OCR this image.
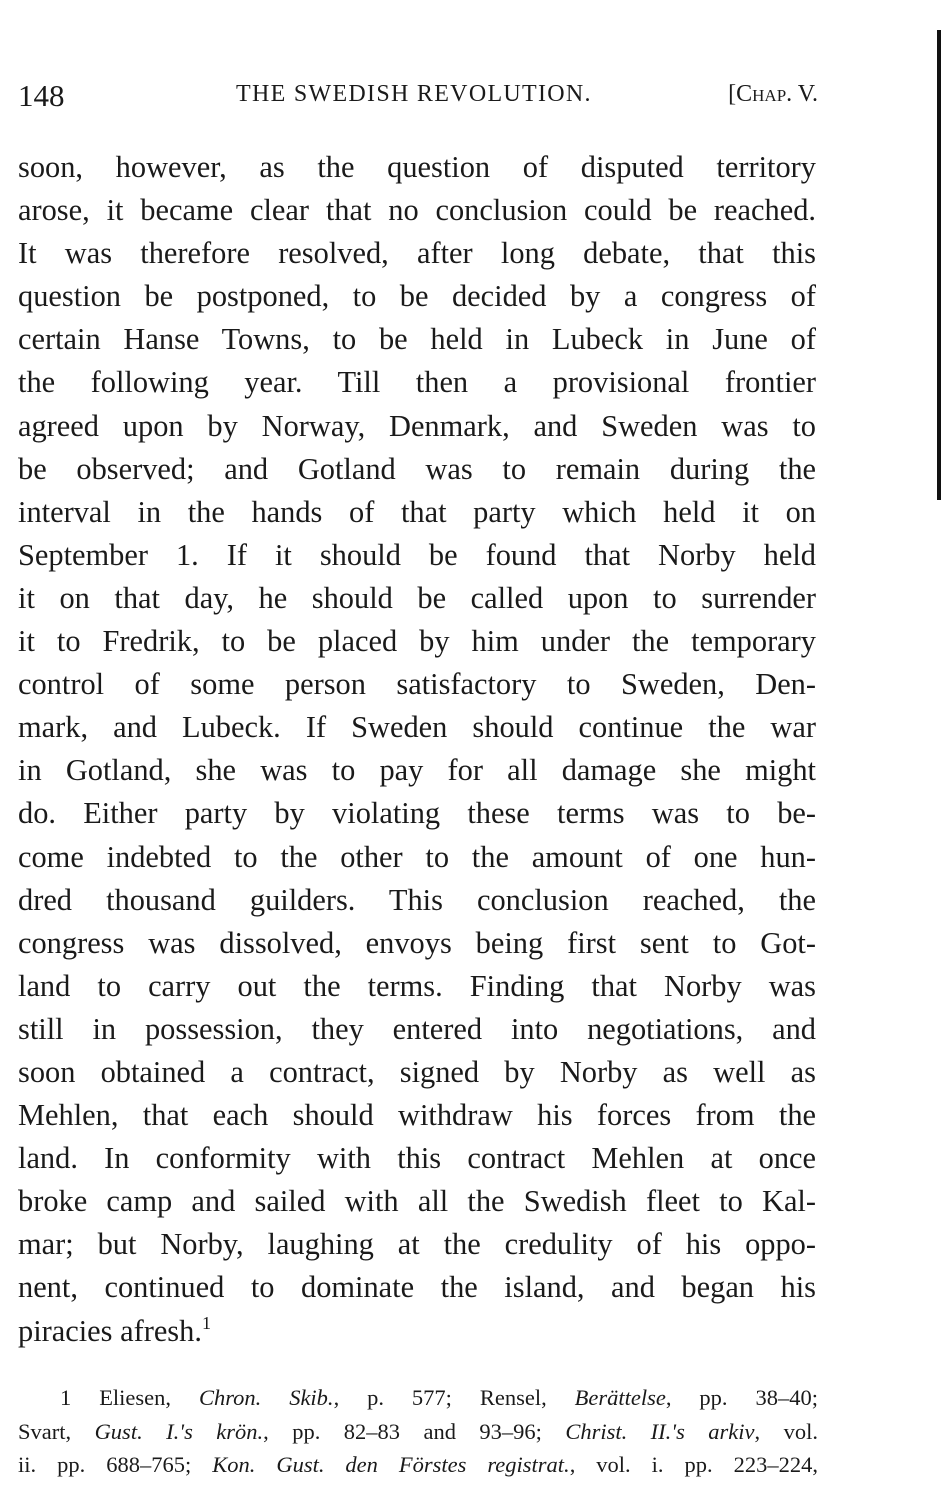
148	THE SWEDISH REVOLUTION.	[Chap. V.
soon, however, as the question of disputed territory
arose, it became clear that no conclusion could be reached.
It was therefore resolved, after long debate, that this
question be postponed, to be decided by a congress of
certain Hanse Towns, to be held in Lubeck in June of
the following year. Till then a provisional frontier
agreed upon by Norway, Denmark, and Sweden was to
be observed; and Gotland was to remain during the
interval in the hands of that party which held it on
September 1. If it should be found that Norby held
it on that day, he should be called upon to surrender
it to Fredrik, to be placed by him under the temporary
control of some person satisfactory to Sweden, Den-
mark, and Lubeck. If Sweden should continue the war
in Gotland, she was to pay for all damage she might
do. Either party by violating these terms was to be-
come indebted to the other to the amount of one hun-
dred thousand guilders. This conclusion reached, the
congress was dissolved, envoys being first sent to Got-
land to carry out the terms. Finding that Norby was
still in possession, they entered into negotiations, and
soon obtained a contract, signed by Norby as well as
Mehlen, that each should withdraw his forces from the
land. In conformity with this contract Mehlen at once
broke camp and sailed with all the Swedish fleet to Kal-
mar; but Norby, laughing at the credulity of his oppo-
nent, continued to dominate the island, and began his
piracies afresh.$^1$
1 Eliesen, Chron. Skib., p. 577; Rensel, Berättelse, pp. 38–40;
Svart, Gust. I.'s krön., pp. 82–83 and 93–96; Christ. II.'s arkiv, vol.
ii. pp. 688–765; Kon. Gust. den Förstes registrat., vol. i. pp. 223–224,
